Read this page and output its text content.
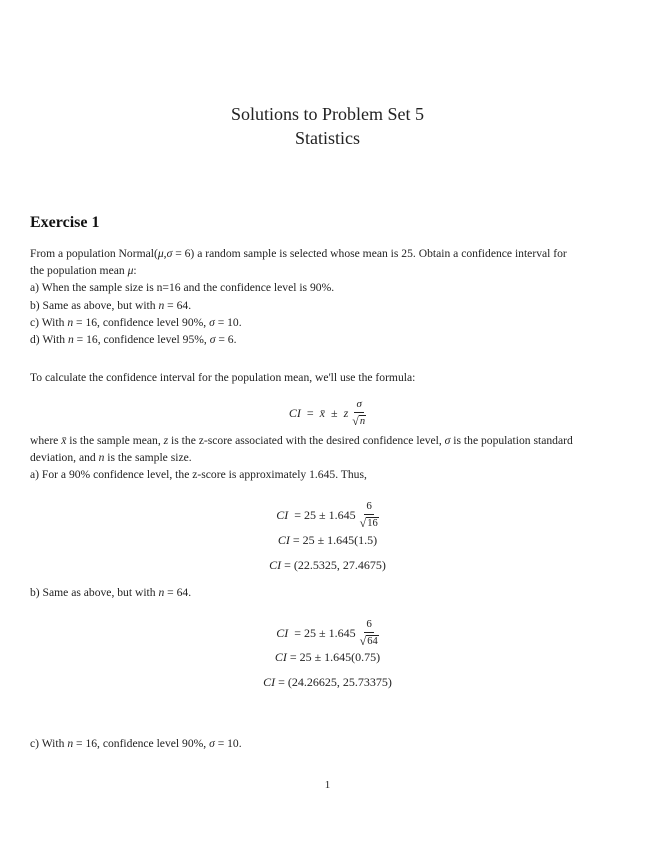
Solutions to Problem Set 5
Statistics
Exercise 1

From a population Normal(μ,σ = 6) a random sample is selected whose mean is 25. Obtain a confidence interval for

the population mean μ:

a) When the sample size is n=16 and the confidence level is 90%.

b) Same as above, but with n = 64.

c) With n = 16, confidence level 90%, σ = 10.

d) With n = 16, confidence level 95%, σ = 6.

To calculate the confidence interval for the population mean, we'll use the formula:
CI = x̄ ± z $\frac{\sigma}{√ n}$

where x̄ is the sample mean, z is the z-score associated with the desired confidence level, σ is the population standard

deviation, and n is the sample size.

a) For a 90% confidence level, the z-score is approximately 1.645. Thus,

CI = $25 \pm 1.645 \frac{6}{√ 16}$
CI = 25 ± 1.645(1.5)
CI = (22.5325, 27.4675)

b) Same as above, but with n = 64.

CI = $25 \pm 1.645 \frac{6}{√ 64}$
CI = 25 ± 1.645(0.75)
CI = (24.26625, 25.73375)

c) With n = 16, confidence level 90%, σ = 10.

1
